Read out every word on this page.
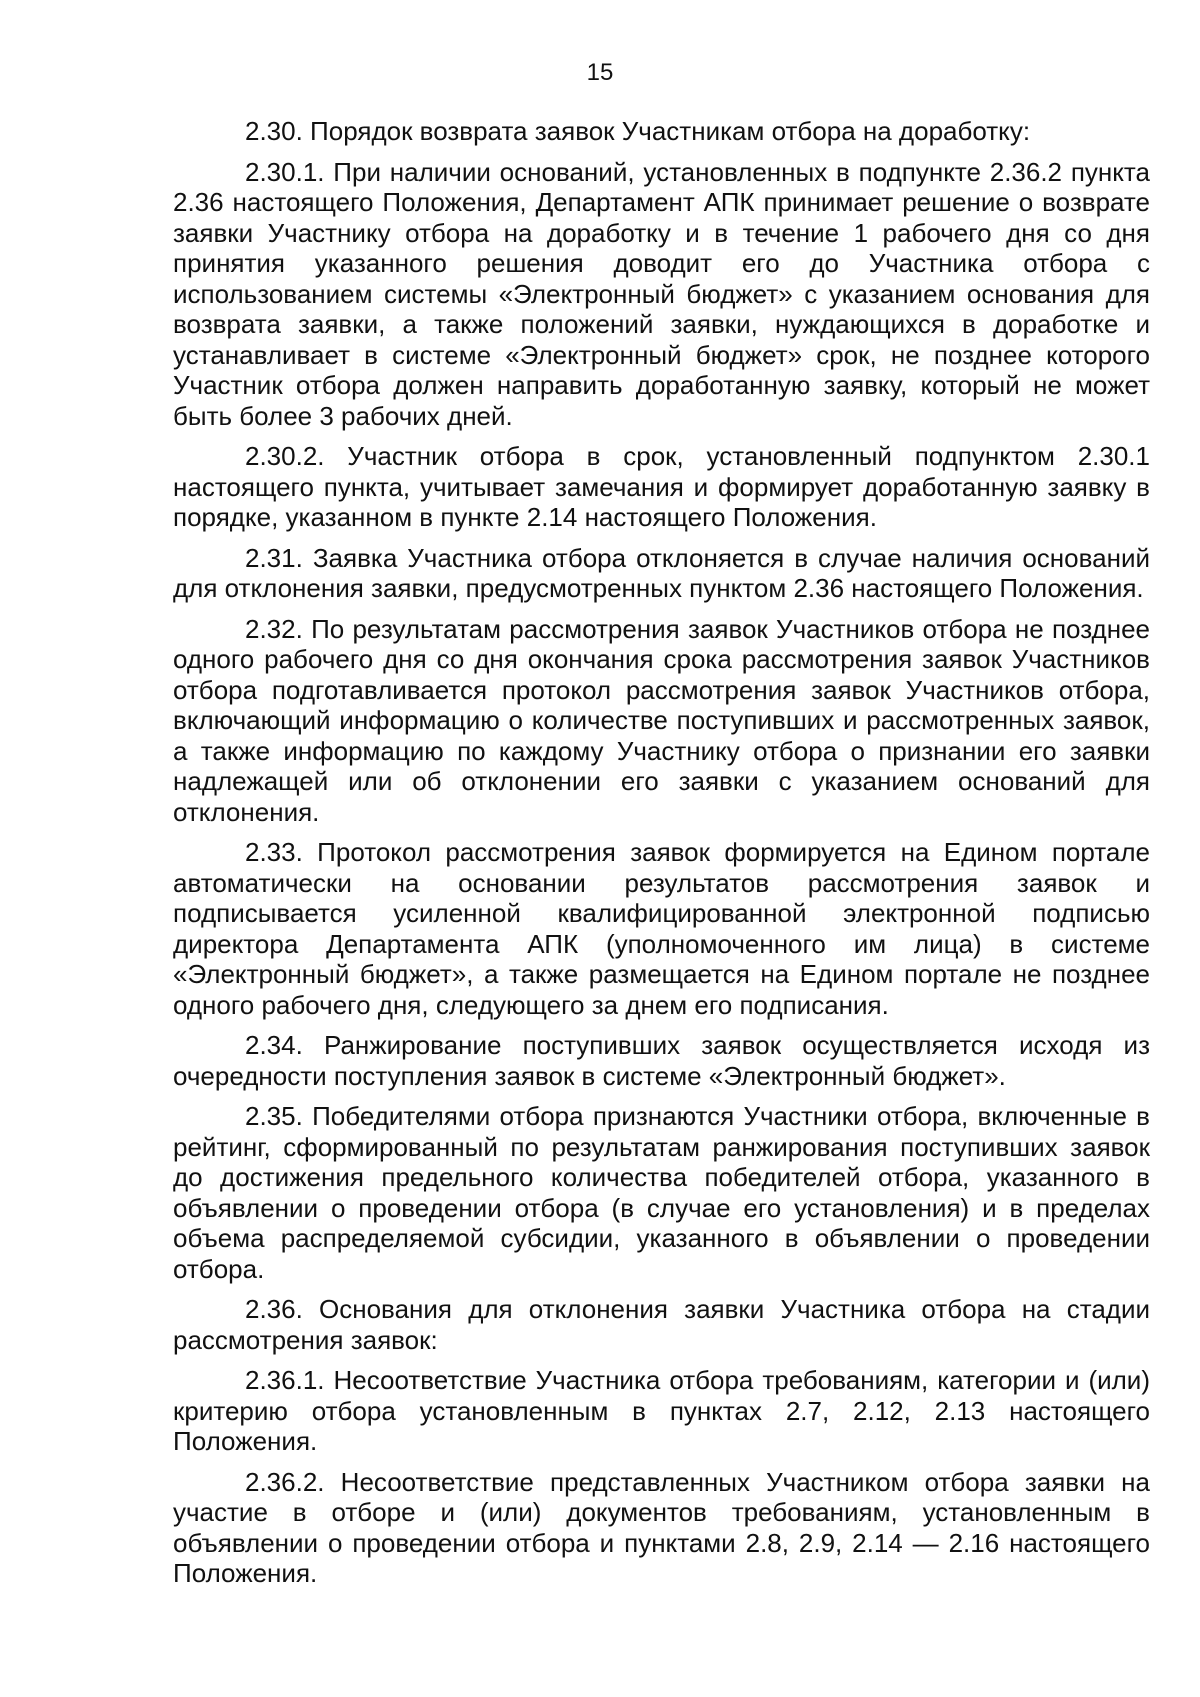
15

2.30. Порядок возврата заявок Участникам отбора на доработку:

2.30.1. При наличии оснований, установленных в подпункте 2.36.2 пункта 2.36 настоящего Положения, Департамент АПК принимает решение о возврате заявки Участнику отбора на доработку и в течение 1 рабочего дня со дня принятия указанного решения доводит его до Участника отбора с использованием системы «Электронный бюджет» с указанием основания для возврата заявки, а также положений заявки, нуждающихся в доработке и устанавливает в системе «Электронный бюджет» срок, не позднее которого Участник отбора должен направить доработанную заявку, который не может быть более 3 рабочих дней.

2.30.2. Участник отбора в срок, установленный подпунктом 2.30.1 настоящего пункта, учитывает замечания и формирует доработанную заявку в порядке, указанном в пункте 2.14 настоящего Положения.

2.31. Заявка Участника отбора отклоняется в случае наличия оснований для отклонения заявки, предусмотренных пунктом 2.36 настоящего Положения.

2.32. По результатам рассмотрения заявок Участников отбора не позднее одного рабочего дня со дня окончания срока рассмотрения заявок Участников отбора подготавливается протокол рассмотрения заявок Участников отбора, включающий информацию о количестве поступивших и рассмотренных заявок, а также информацию по каждому Участнику отбора о признании его заявки надлежащей или об отклонении его заявки с указанием оснований для отклонения.

2.33. Протокол рассмотрения заявок формируется на Едином портале автоматически на основании результатов рассмотрения заявок и подписывается усиленной квалифицированной электронной подписью директора Департамента АПК (уполномоченного им лица) в системе «Электронный бюджет», а также размещается на Едином портале не позднее одного рабочего дня, следующего за днем его подписания.

2.34. Ранжирование поступивших заявок осуществляется исходя из очередности поступления заявок в системе «Электронный бюджет».

2.35. Победителями отбора признаются Участники отбора, включенные в рейтинг, сформированный по результатам ранжирования поступивших заявок до достижения предельного количества победителей отбора, указанного в объявлении о проведении отбора (в случае его установления) и в пределах объема распределяемой субсидии, указанного в объявлении о проведении отбора.

2.36. Основания для отклонения заявки Участника отбора на стадии рассмотрения заявок:

2.36.1. Несоответствие Участника отбора требованиям, категории и (или) критерию отбора установленным в пунктах 2.7, 2.12, 2.13 настоящего Положения.

2.36.2. Несоответствие представленных Участником отбора заявки на участие в отборе и (или) документов требованиям, установленным в объявлении о проведении отбора и пунктами 2.8, 2.9, 2.14 — 2.16 настоящего Положения.
